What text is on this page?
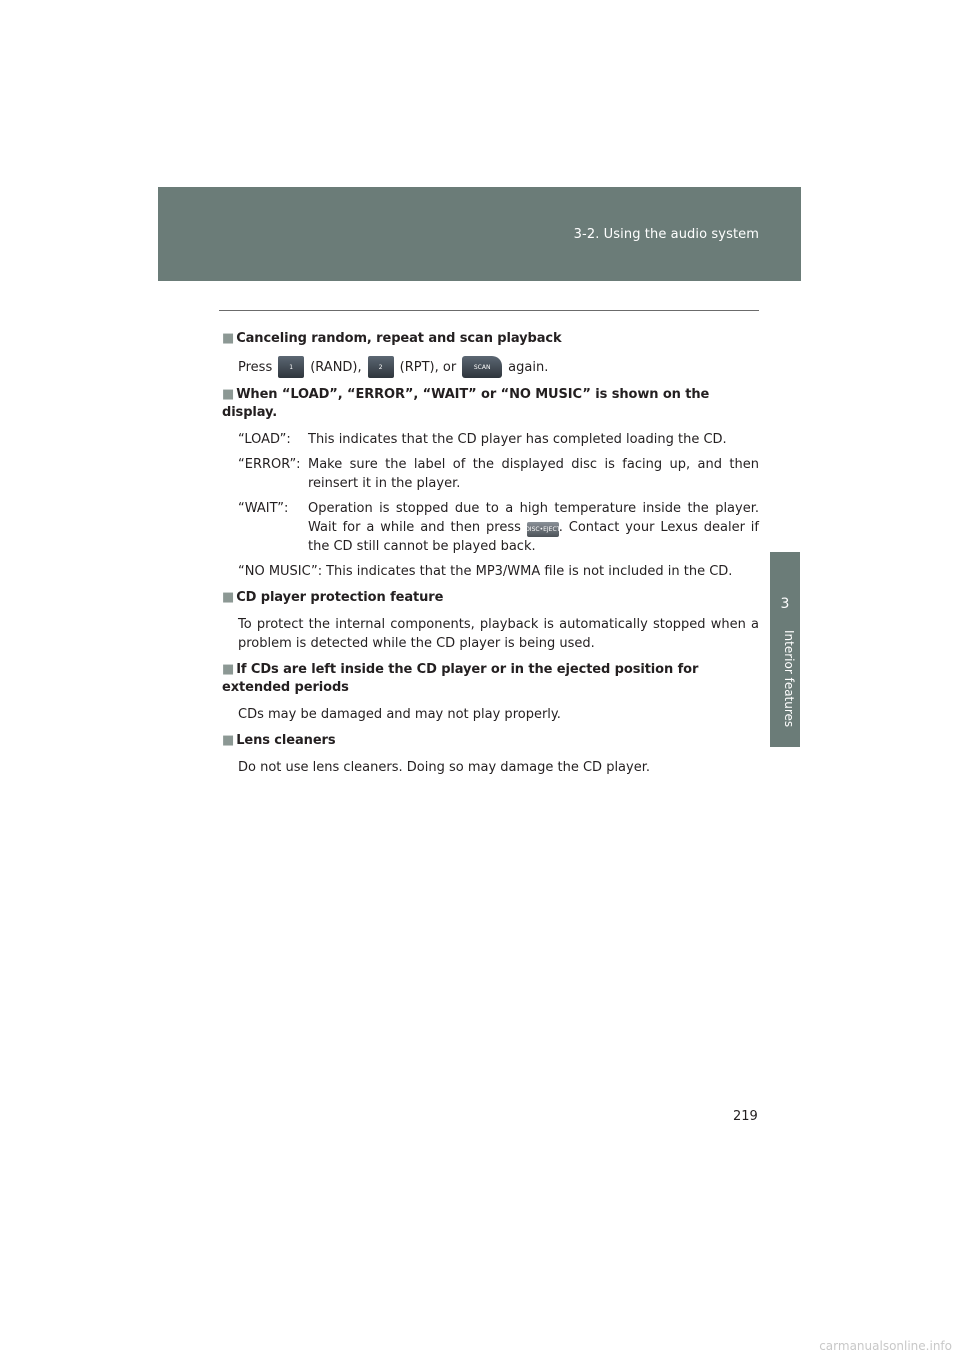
3-2. Using the audio system
3
Interior features

■ Canceling random, repeat and scan playback

Press	1	(RAND),	2	(RPT), or	SCAN	again.

■ When “LOAD”, “ERROR”, “WAIT” or “NO MUSIC” is shown on the display.

“LOAD”:	This indicates that the CD player has completed loading the CD.
“ERROR”: Make sure the label of the displayed disc is facing up, and then reinsert it in the player.
“WAIT”:	Operation is stopped due to a high temperature inside the player. Wait for a while and then press DISC•EJECT. Contact your Lexus dealer if the CD still cannot be played back.
“NO MUSIC”: This indicates that the MP3/WMA file is not included in the CD.

■ CD player protection feature

To protect the internal components, playback is automatically stopped when a problem is detected while the CD player is being used.

■ If CDs are left inside the CD player or in the ejected position for extended periods

CDs may be damaged and may not play properly.

■ Lens cleaners

Do not use lens cleaners. Doing so may damage the CD player.

219
carmanualsonline.info
